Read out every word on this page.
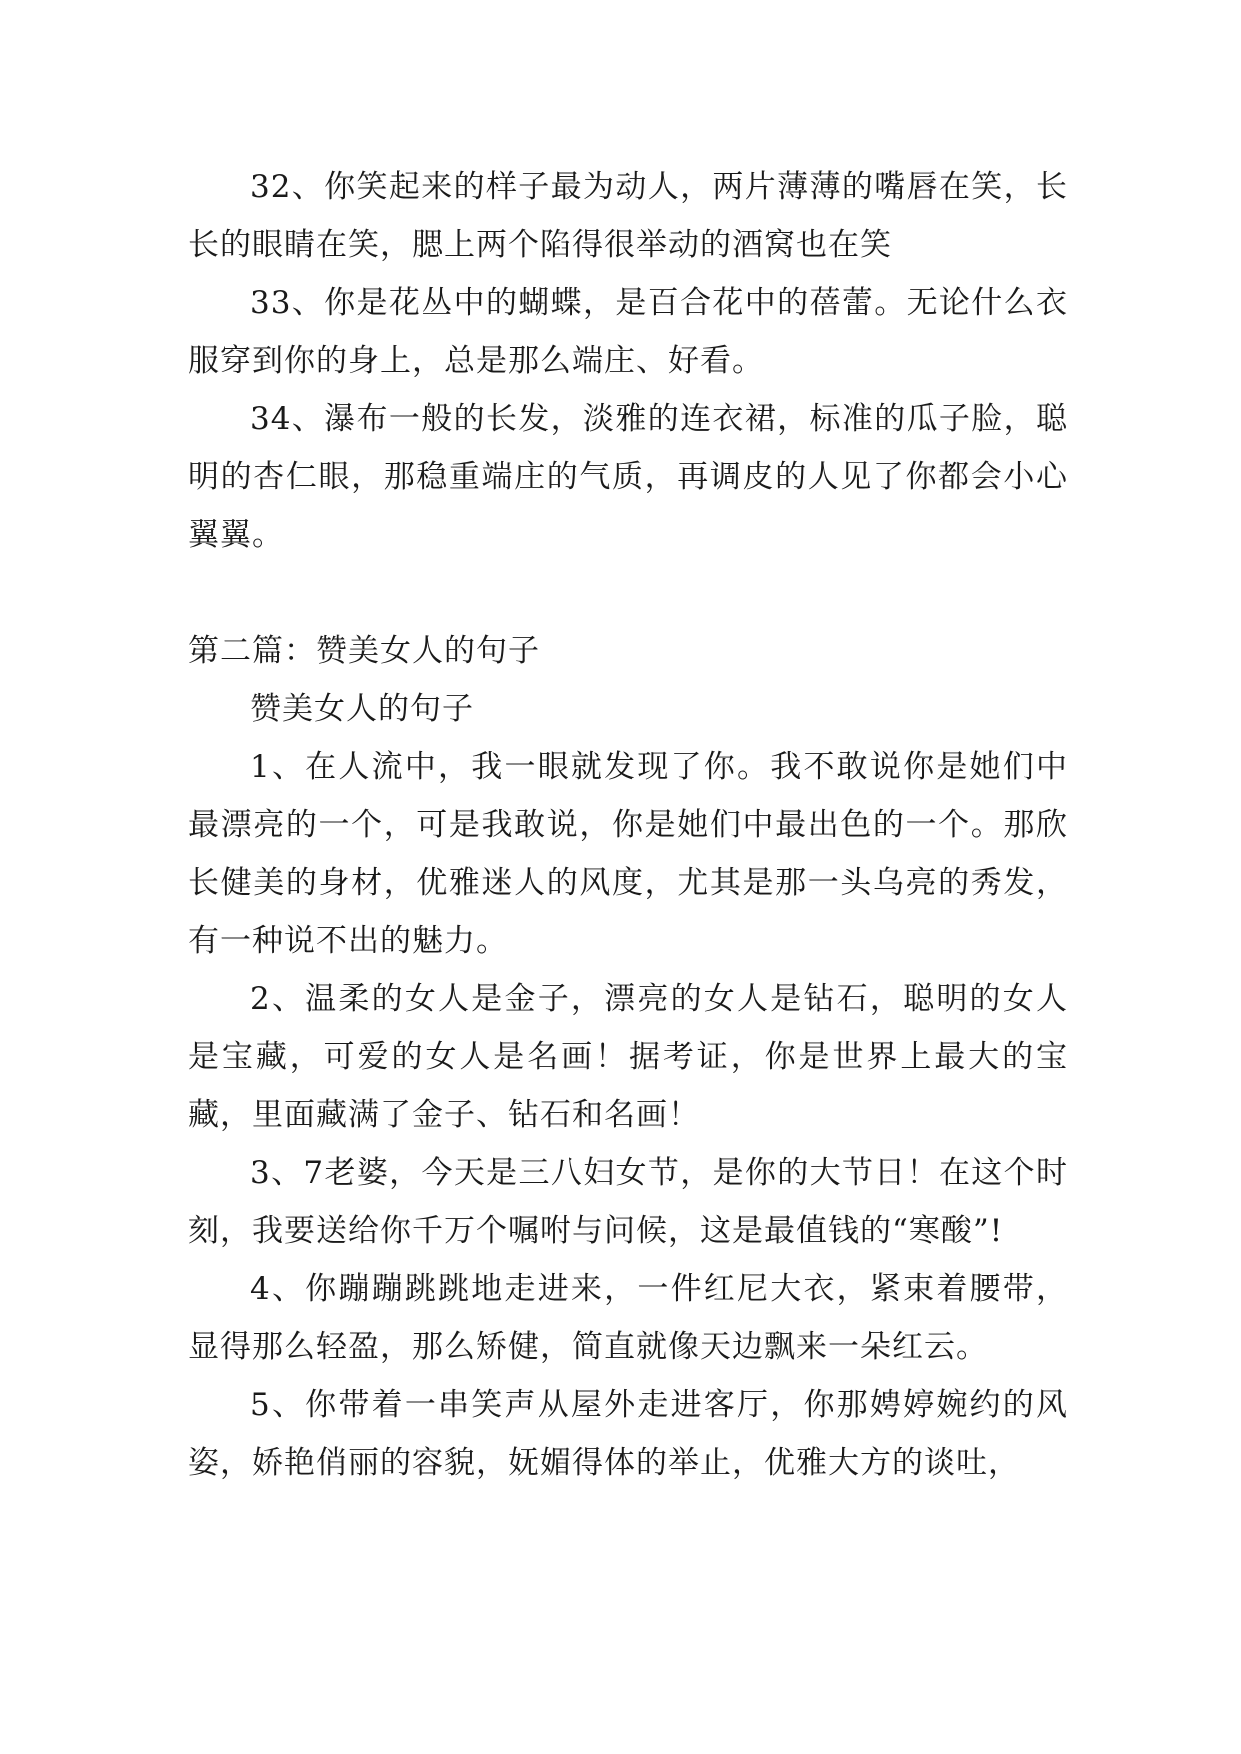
32、你笑起来的样子最为动人，两片薄薄的嘴唇在笑，长长的眼睛在笑，腮上两个陷得很举动的酒窝也在笑

33、你是花丛中的蝴蝶，是百合花中的蓓蕾。无论什么衣服穿到你的身上，总是那么端庄、好看。

34、瀑布一般的长发，淡雅的连衣裙，标准的瓜子脸，聪明的杏仁眼，那稳重端庄的气质，再调皮的人见了你都会小心翼翼。

第二篇：赞美女人的句子

赞美女人的句子

1、在人流中，我一眼就发现了你。我不敢说你是她们中最漂亮的一个，可是我敢说，你是她们中最出色的一个。那欣长健美的身材，优雅迷人的风度，尤其是那一头乌亮的秀发，有一种说不出的魅力。

2、温柔的女人是金子，漂亮的女人是钻石，聪明的女人是宝藏，可爱的女人是名画！据考证，你是世界上最大的宝藏，里面藏满了金子、钻石和名画！

3、7老婆，今天是三八妇女节，是你的大节日！在这个时刻，我要送给你千万个嘱咐与问候，这是最值钱的“寒酸”!

4、你蹦蹦跳跳地走进来，一件红尼大衣，紧束着腰带，显得那么轻盈，那么矫健，简直就像天边飘来一朵红云。

5、你带着一串笑声从屋外走进客厅，你那娉婷婉约的风姿，娇艳俏丽的容貌，妩媚得体的举止，优雅大方的谈吐，
